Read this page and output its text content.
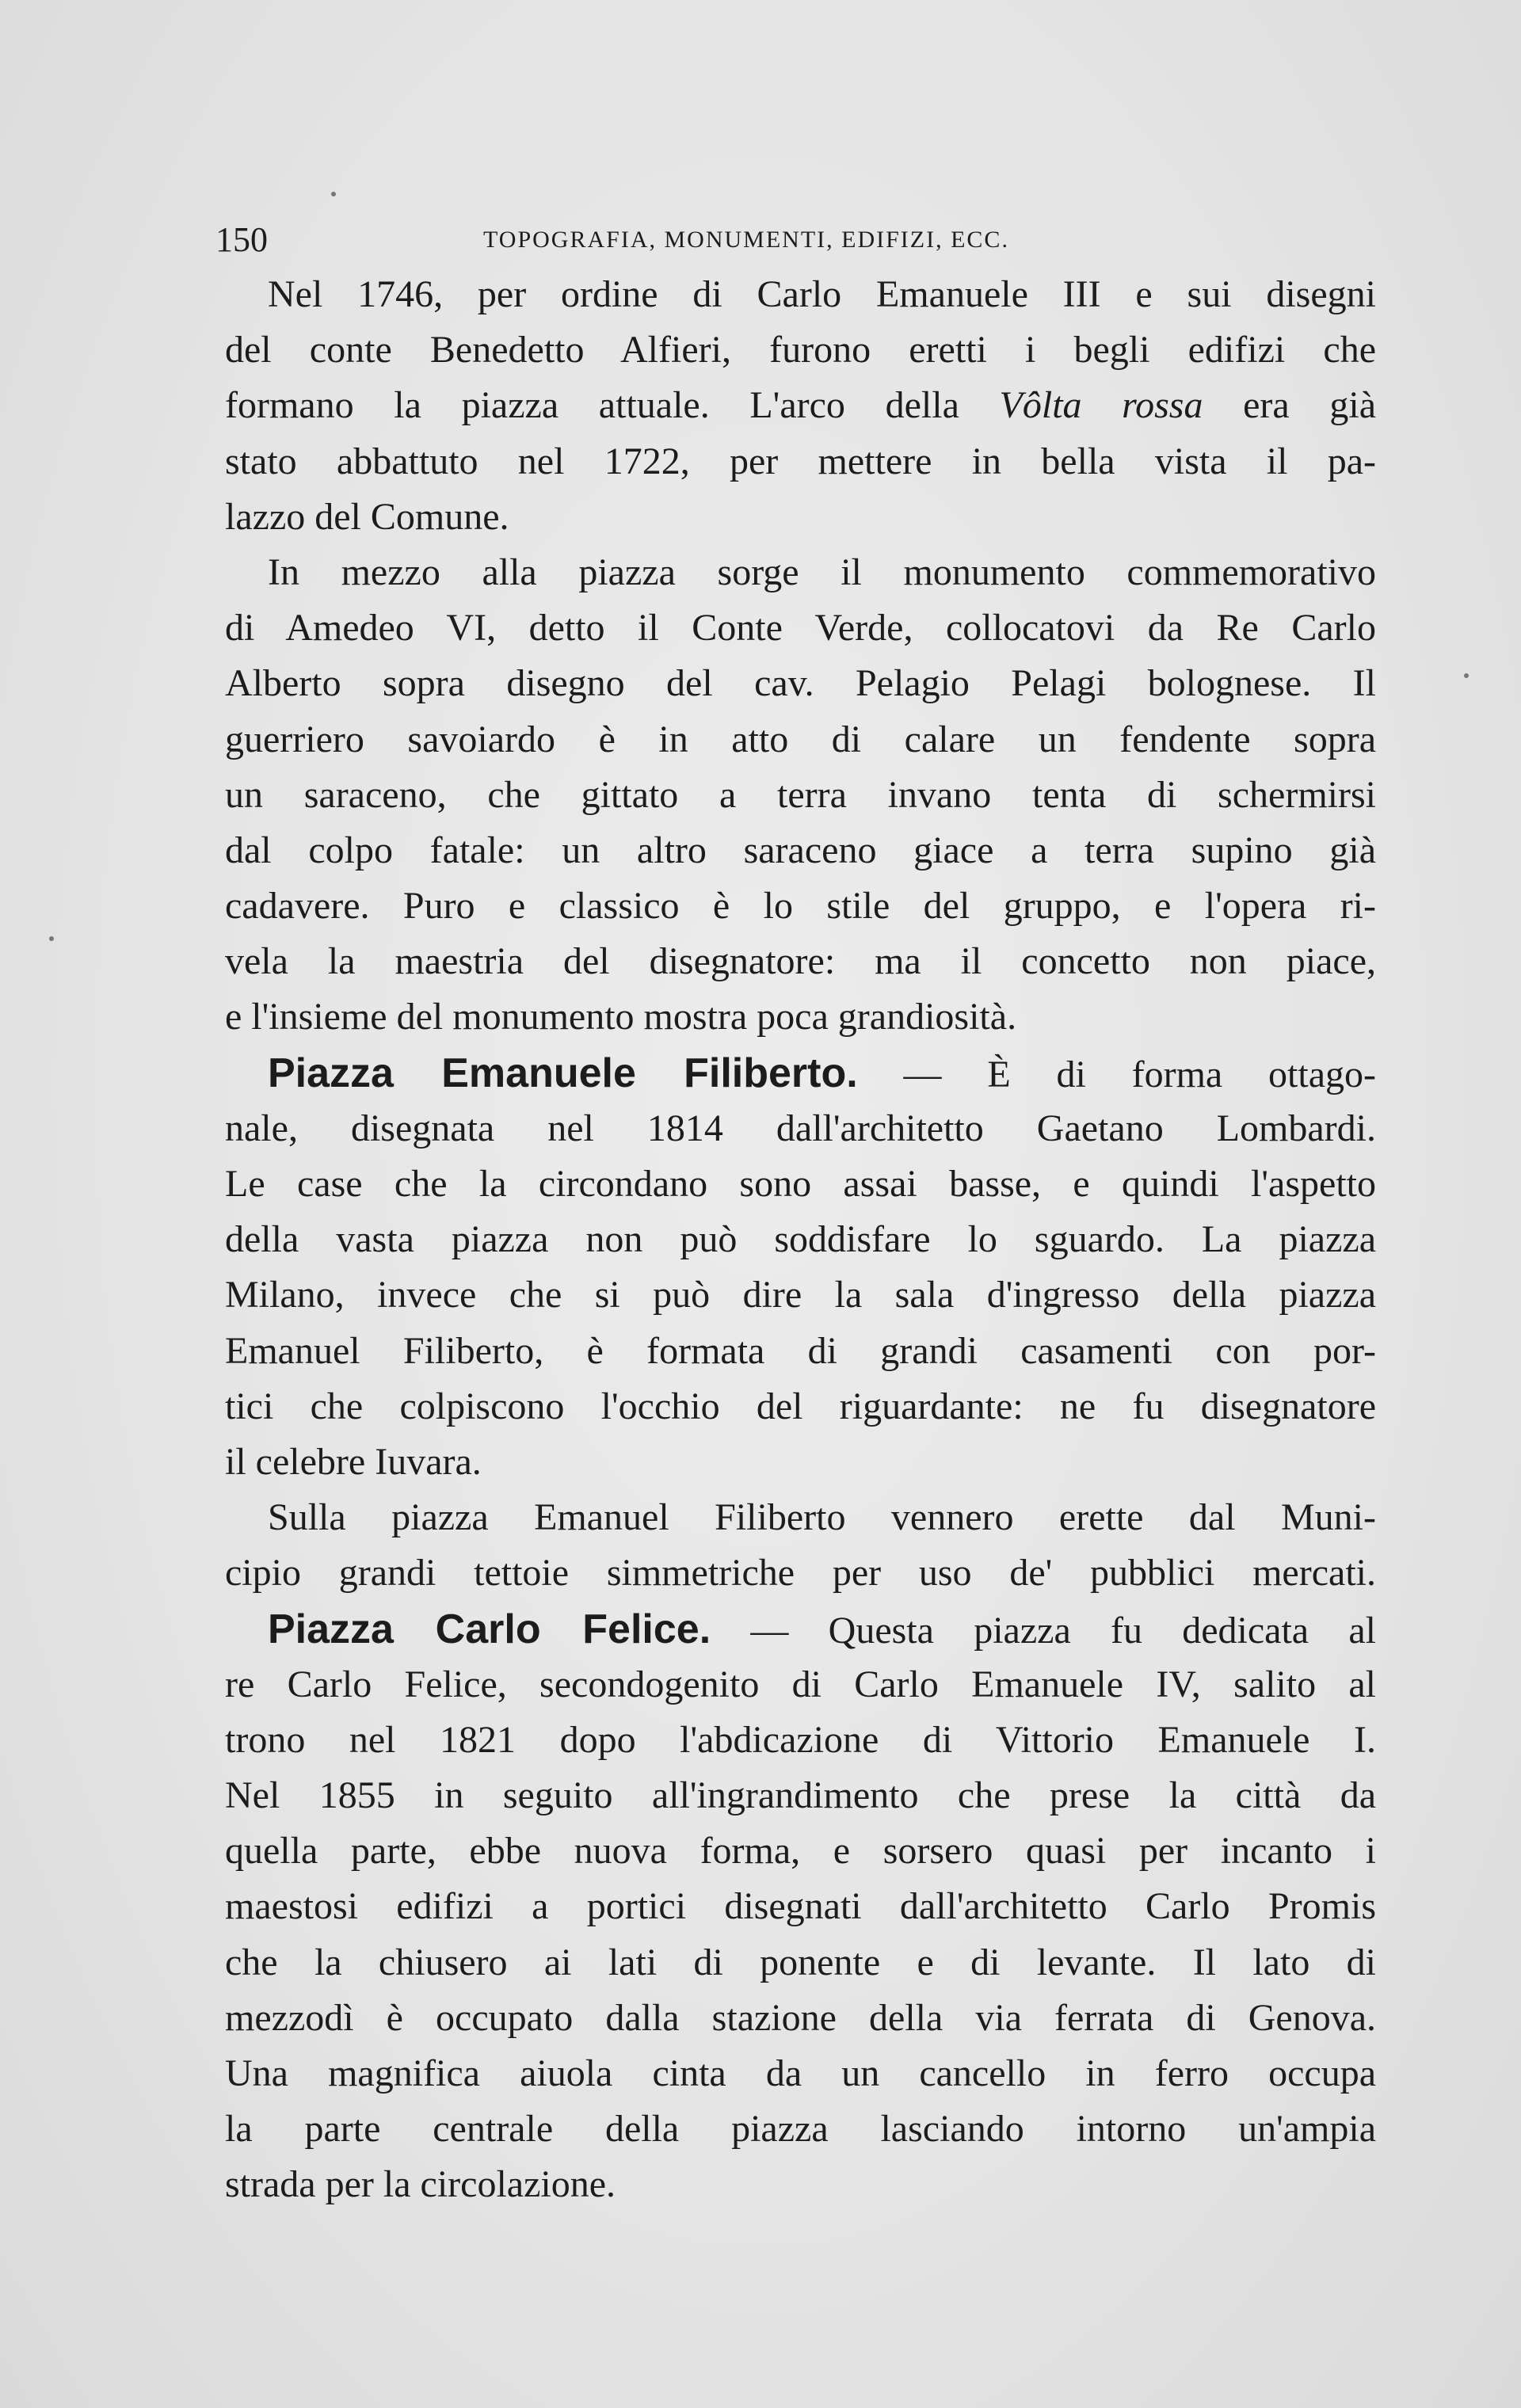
150	TOPOGRAFIA, MONUMENTI, EDIFIZI, ECC.
Nel 1746, per ordine di Carlo Emanuele III e sui disegni
del conte Benedetto Alfieri, furono eretti i begli edifizi che
formano la piazza attuale. L'arco della Vôlta rossa era già
stato abbattuto nel 1722, per mettere in bella vista il pa-
lazzo del Comune.
In mezzo alla piazza sorge il monumento commemorativo
di Amedeo VI, detto il Conte Verde, collocatovi da Re Carlo
Alberto sopra disegno del cav. Pelagio Pelagi bolognese. Il
guerriero savoiardo è in atto di calare un fendente sopra
un saraceno, che gittato a terra invano tenta di schermirsi
dal colpo fatale: un altro saraceno giace a terra supino già
cadavere. Puro e classico è lo stile del gruppo, e l'opera ri-
vela la maestria del disegnatore: ma il concetto non piace,
e l'insieme del monumento mostra poca grandiosità.
Piazza Emanuele Filiberto. — È di forma ottago-
nale, disegnata nel 1814 dall'architetto Gaetano Lombardi.
Le case che la circondano sono assai basse, e quindi l'aspetto
della vasta piazza non può soddisfare lo sguardo. La piazza
Milano, invece che si può dire la sala d'ingresso della piazza
Emanuel Filiberto, è formata di grandi casamenti con por-
tici che colpiscono l'occhio del riguardante: ne fu disegnatore
il celebre Iuvara.
Sulla piazza Emanuel Filiberto vennero erette dal Muni-
cipio grandi tettoie simmetriche per uso de' pubblici mercati.
Piazza Carlo Felice. — Questa piazza fu dedicata al
re Carlo Felice, secondogenito di Carlo Emanuele IV, salito al
trono nel 1821 dopo l'abdicazione di Vittorio Emanuele I.
Nel 1855 in seguito all'ingrandimento che prese la città da
quella parte, ebbe nuova forma, e sorsero quasi per incanto i
maestosi edifizi a portici disegnati dall'architetto Carlo Promis
che la chiusero ai lati di ponente e di levante. Il lato di
mezzodì è occupato dalla stazione della via ferrata di Genova.
Una magnifica aiuola cinta da un cancello in ferro occupa
la parte centrale della piazza lasciando intorno un'ampia
strada per la circolazione.
